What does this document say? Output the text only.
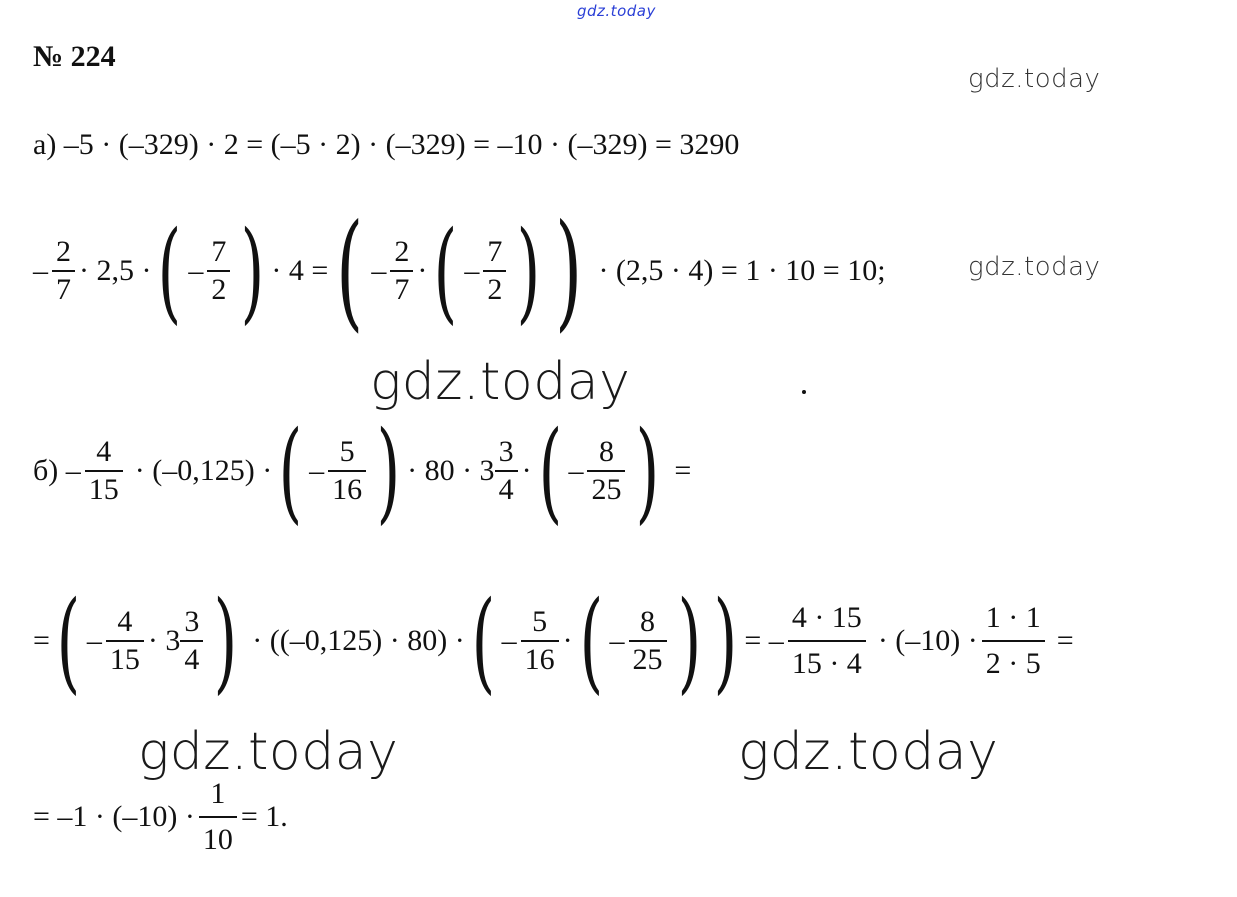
gdz.today
gdz.today
gdz.today
gdz.today
gdz.today	gdz.today
№ 224
а) –5 · (–329) · 2 = (–5 · 2) · (–329) = –10 · (–329) = 3290
– $\frac{2}{7} \cdot 2,5$ · ( – $\frac{7}{2}$ ) · 4 = ( – $\frac{2}{7}$ · ( – $\frac{7}{2}$ ) ) · (2,5 · 4) = 1 · 10 = 10;
$б) - \frac{4}{15} \cdot (-0,125)$ · ( – $\frac{5}{16}$ ) · $80 \cdot 3 \frac{3}{4}$ · ( – $\frac{8}{25}$ ) =
= ( – $\frac{4}{15} \cdot 3 \frac{3}{4}$ ) · ((–0,125) · 80) · ( – $\frac{5}{16}$ · ( – $\frac{8}{25}$ ) ) = – $\frac{4 \cdot 15}{15 \cdot 4} \cdot (-10) \cdot \frac{1 \cdot 1}{2 \cdot 5}$ =
= $-1 \cdot (-10) \cdot \frac{1}{10} = 1$.
